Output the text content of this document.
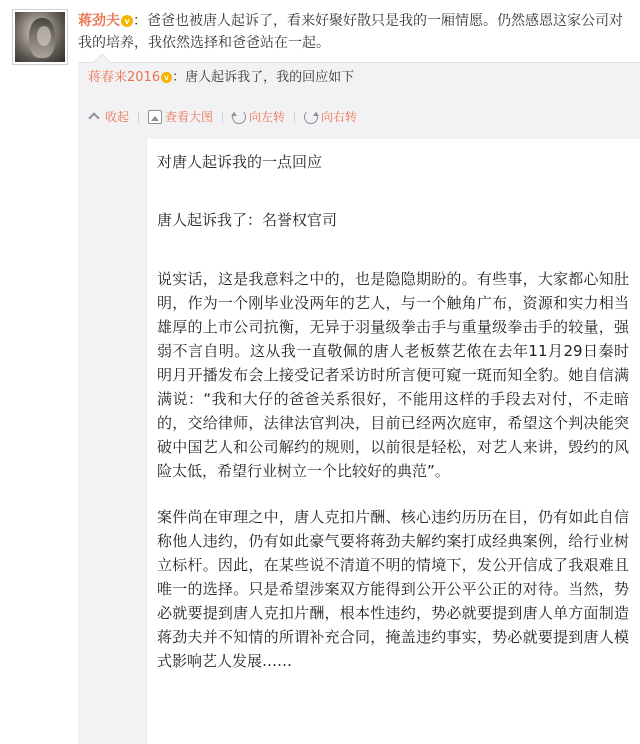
蒋劲夫 v ：爸爸也被唐人起诉了，看来好聚好散只是我的一厢情愿。仍然感恩这家公司对我的培养，我依然选择和爸爸站在一起。
蒋春来2016 v ：唐人起诉我了，我的回应如下
收起	查看大图	向左转	向右转
对唐人起诉我的一点回应
唐人起诉我了：名誉权官司
说实话，这是我意料之中的，也是隐隐期盼的。有些事，大家都心知肚明，作为一个刚毕业没两年的艺人，与一个触角广布，资源和实力相当雄厚的上市公司抗衡，无异于羽量级拳击手与重量级拳击手的较量，强弱不言自明。这从我一直敬佩的唐人老板蔡艺侬在去年11月29日秦时明月开播发布会上接受记者采访时所言便可窥一斑而知全豹。她自信满满说：“我和大仔的爸爸关系很好，不能用这样的手段去对付，不走暗的，交给律师，法律法官判决，目前已经两次庭审，希望这个判决能突破中国艺人和公司解约的规则，以前很是轻松，对艺人来讲，毁约的风险太低，希望行业树立一个比较好的典范”。
案件尚在审理之中，唐人克扣片酬、核心违约历历在目，仍有如此自信称他人违约，仍有如此豪气要将蒋劲夫解约案打成经典案例，给行业树立标杆。因此，在某些说不清道不明的情境下，发公开信成了我艰难且唯一的选择。只是希望涉案双方能得到公开公平公正的对待。当然，势必就要提到唐人克扣片酬，根本性违约，势必就要提到唐人单方面制造蒋劲夫并不知情的所谓补充合同，掩盖违约事实，势必就要提到唐人模式影响艺人发展……
